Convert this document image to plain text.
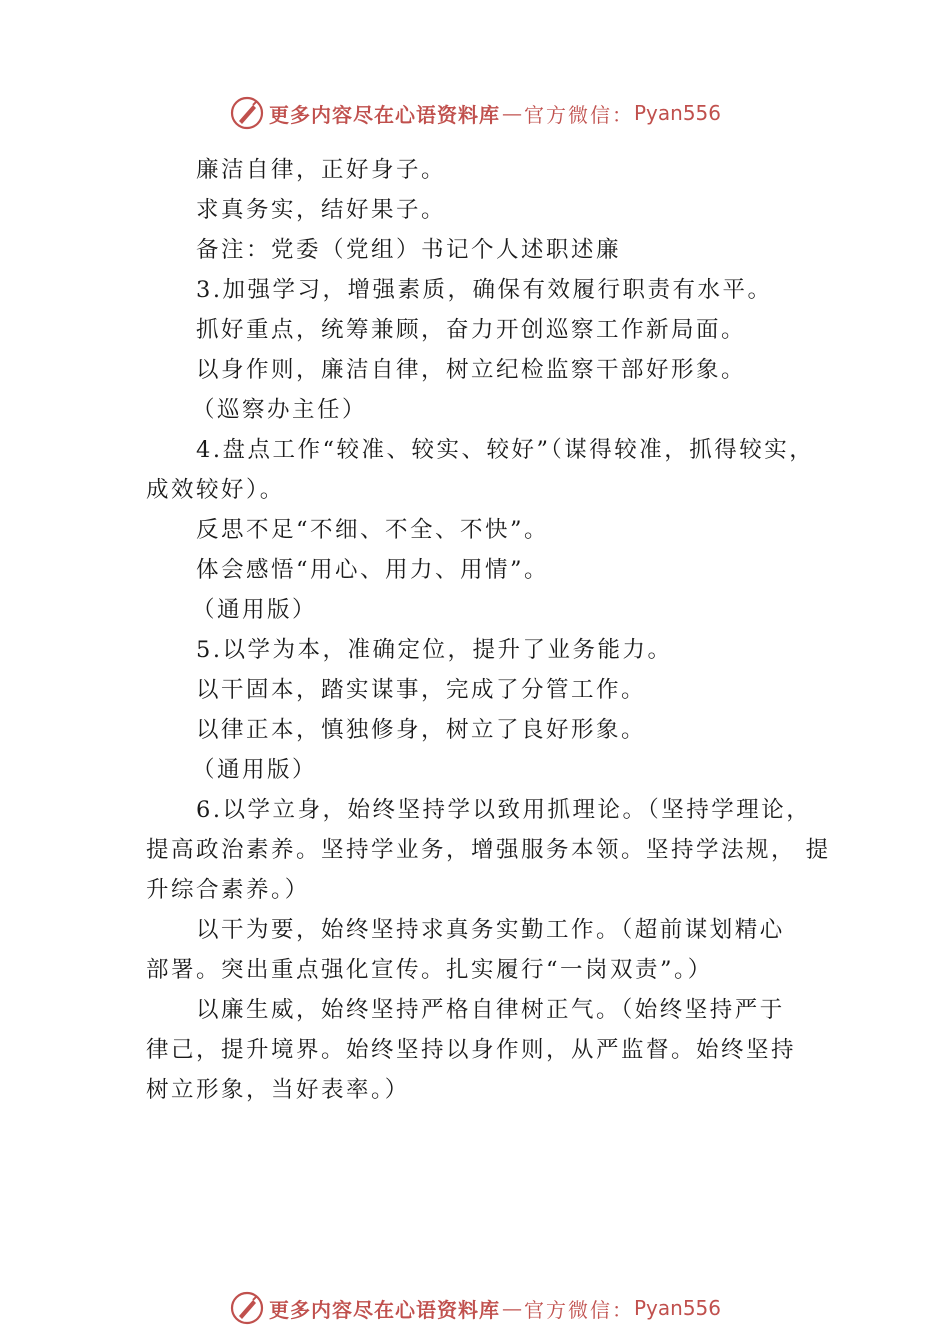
更多内容尽在心语资料库 — 官方微信： Pyan556
廉洁自律，正好身子。
求真务实，结好果子。
备注：党委（党组）书记个人述职述廉
3.加强学习，增强素质，确保有效履行职责有水平。
抓好重点，统筹兼顾，奋力开创巡察工作新局面。
以身作则，廉洁自律，树立纪检监察干部好形象。
（巡察办主任）
4.盘点工作“较准、较实、较好”（谋得较准，抓得较实，
成效较好）。
反思不足“不细、不全、不快”。
体会感悟“用心、用力、用情”。
（通用版）
5.以学为本，准确定位，提升了业务能力。
以干固本，踏实谋事，完成了分管工作。
以律正本，慎独修身，树立了良好形象。
（通用版）
6.以学立身，始终坚持学以致用抓理论。（坚持学理论，
提高政治素养。坚持学业务，增强服务本领。坚持学法规， 提
升综合素养。）
以干为要，始终坚持求真务实勤工作。（超前谋划精心
部署。突出重点强化宣传。扎实履行“一岗双责”。）
以廉生威，始终坚持严格自律树正气。（始终坚持严于
律己，提升境界。始终坚持以身作则，从严监督。始终坚持
树立形象，当好表率。）
更多内容尽在心语资料库 — 官方微信： Pyan556
